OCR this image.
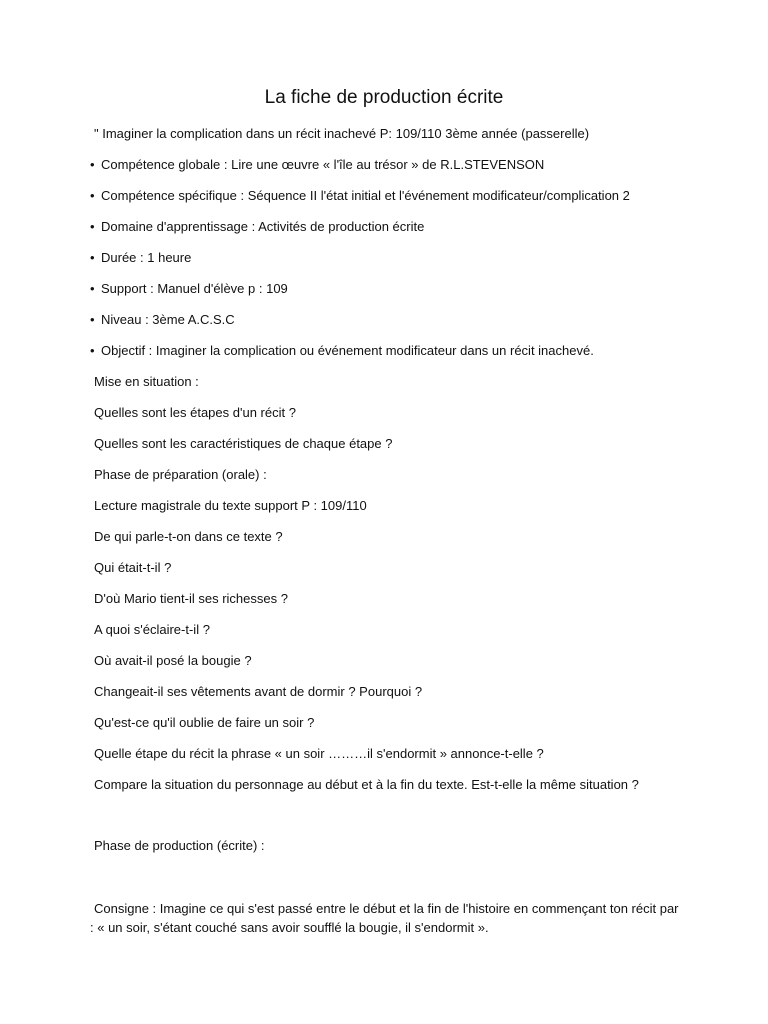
La fiche de production écrite
" Imaginer la complication dans un récit inachevé P: 109/110 3ème année (passerelle)
• Compétence globale : Lire une œuvre « l'île au trésor » de R.L.STEVENSON
• Compétence spécifique : Séquence II l'état initial et l'événement modificateur/complication 2
• Domaine d'apprentissage : Activités de production écrite
• Durée : 1 heure
• Support : Manuel d'élève p : 109
• Niveau : 3ème A.C.S.C
• Objectif : Imaginer la complication ou événement modificateur dans un récit inachevé.
Mise en situation :
Quelles sont les étapes d'un récit ?
Quelles sont les caractéristiques de chaque étape ?
Phase de préparation (orale) :
Lecture magistrale du texte support P : 109/110
De qui parle-t-on dans ce texte ?
Qui était-t-il ?
D'où Mario tient-il ses richesses ?
A quoi s'éclaire-t-il ?
Où avait-il posé la bougie ?
Changeait-il ses vêtements avant de dormir ? Pourquoi ?
Qu'est-ce qu'il oublie de faire un soir ?
Quelle étape du récit la phrase « un soir ………il s'endormit » annonce-t-elle ?
Compare la situation du personnage au début et à la fin du texte. Est-t-elle la même situation ?
Phase de production (écrite) :
Consigne : Imagine ce qui s'est passé entre le début et la fin de l'histoire en commençant ton récit par : « un soir, s'étant couché sans avoir soufflé la bougie, il s'endormit ».
